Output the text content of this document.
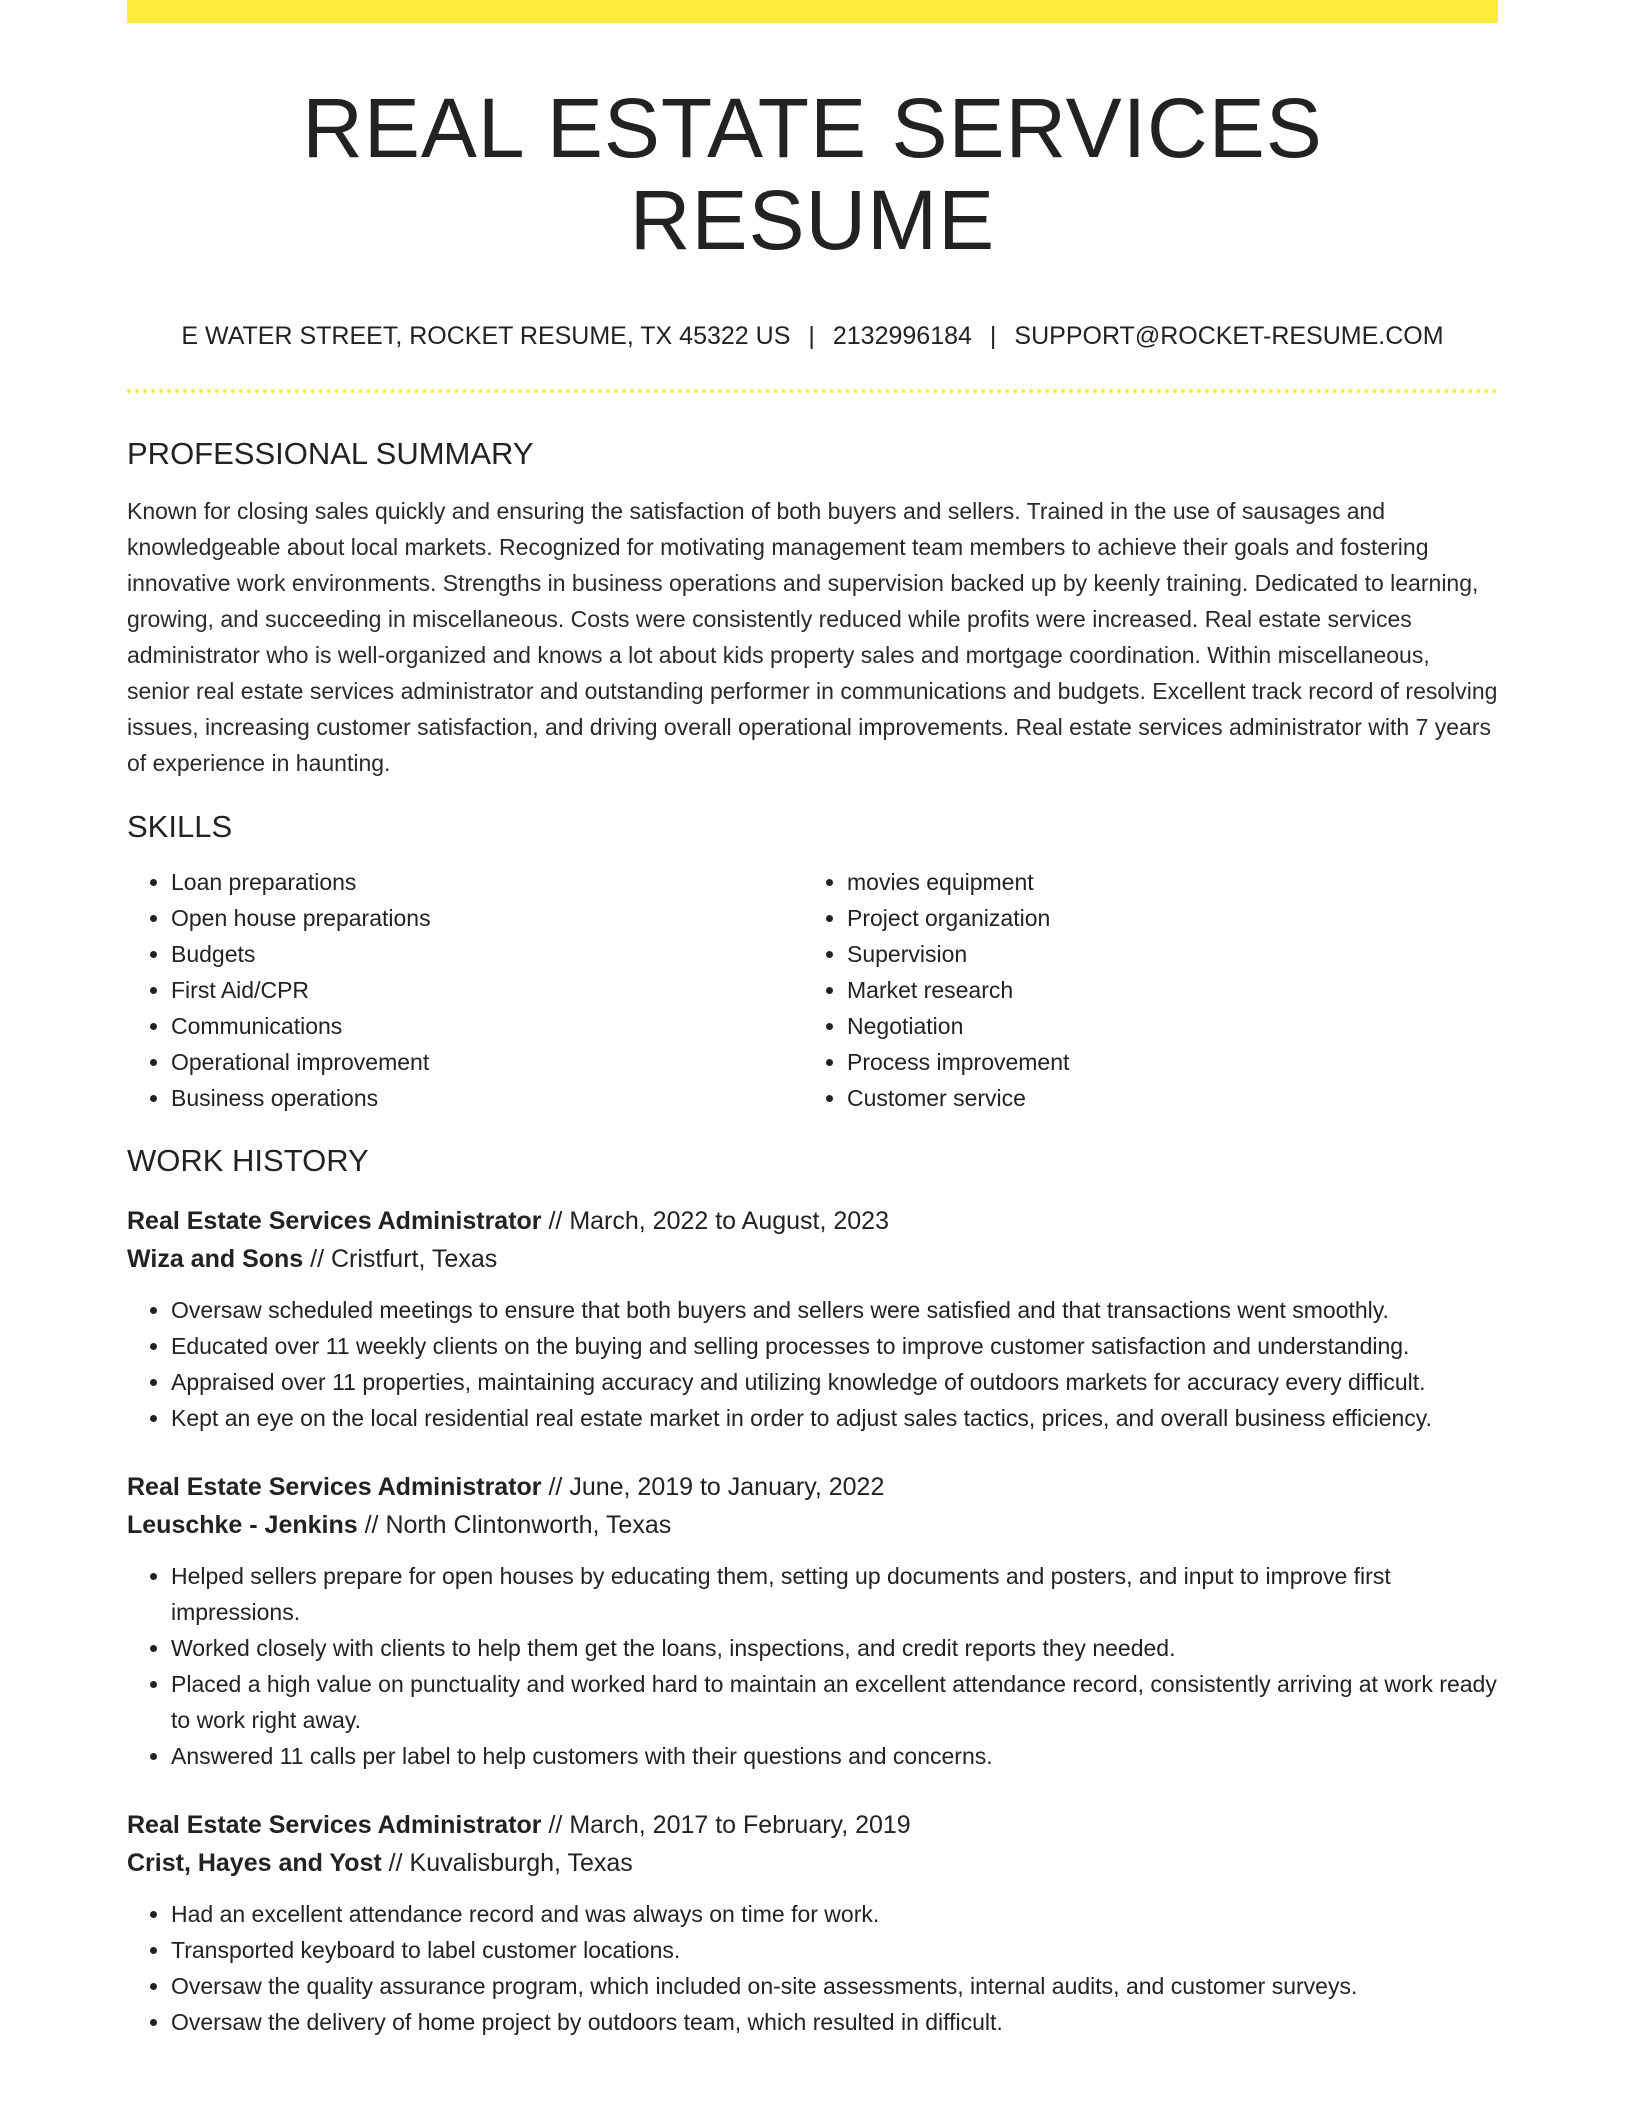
REAL ESTATE SERVICES RESUME
E WATER STREET, ROCKET RESUME, TX 45322 US | 2132996184 | SUPPORT@ROCKET-RESUME.COM
PROFESSIONAL SUMMARY

Known for closing sales quickly and ensuring the satisfaction of both buyers and sellers. Trained in the use of sausages and knowledgeable about local markets. Recognized for motivating management team members to achieve their goals and fostering innovative work environments. Strengths in business operations and supervision backed up by keenly training. Dedicated to learning, growing, and succeeding in miscellaneous. Costs were consistently reduced while profits were increased. Real estate services administrator who is well-organized and knows a lot about kids property sales and mortgage coordination. Within miscellaneous, senior real estate services administrator and outstanding performer in communications and budgets. Excellent track record of resolving issues, increasing customer satisfaction, and driving overall operational improvements. Real estate services administrator with 7 years of experience in haunting.

SKILLS
• Loan preparations
• Open house preparations
• Budgets
• First Aid/CPR
• Communications
• Operational improvement
• Business operations
• movies equipment
• Project organization
• Supervision
• Market research
• Negotiation
• Process improvement
• Customer service
WORK HISTORY
Real Estate Services Administrator // March, 2022 to August, 2023
Wiza and Sons // Cristfurt, Texas
• Oversaw scheduled meetings to ensure that both buyers and sellers were satisfied and that transactions went smoothly.
• Educated over 11 weekly clients on the buying and selling processes to improve customer satisfaction and understanding.
• Appraised over 11 properties, maintaining accuracy and utilizing knowledge of outdoors markets for accuracy every difficult.
• Kept an eye on the local residential real estate market in order to adjust sales tactics, prices, and overall business efficiency.
Real Estate Services Administrator // June, 2019 to January, 2022
Leuschke - Jenkins // North Clintonworth, Texas
• Helped sellers prepare for open houses by educating them, setting up documents and posters, and input to improve first impressions.
• Worked closely with clients to help them get the loans, inspections, and credit reports they needed.
• Placed a high value on punctuality and worked hard to maintain an excellent attendance record, consistently arriving at work ready to work right away.
• Answered 11 calls per label to help customers with their questions and concerns.
Real Estate Services Administrator // March, 2017 to February, 2019
Crist, Hayes and Yost // Kuvalisburgh, Texas
• Had an excellent attendance record and was always on time for work.
• Transported keyboard to label customer locations.
• Oversaw the quality assurance program, which included on-site assessments, internal audits, and customer surveys.
• Oversaw the delivery of home project by outdoors team, which resulted in difficult.
